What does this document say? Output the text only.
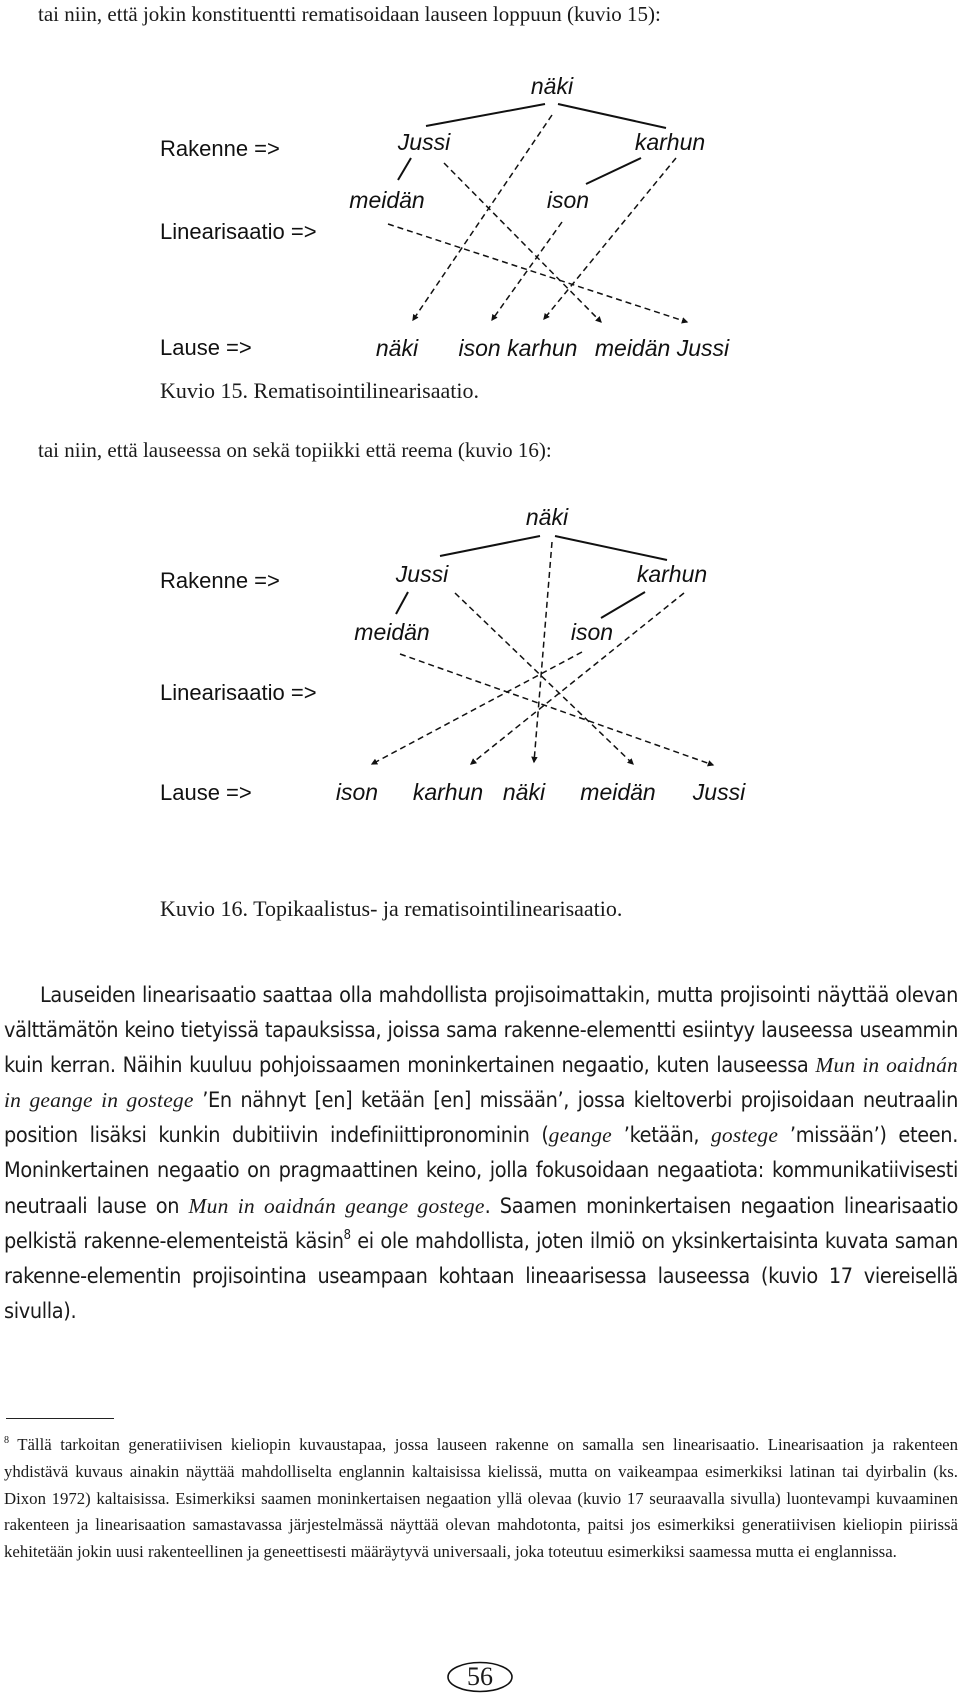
tai niin, että jokin konstituentti rematisoidaan lauseen loppuun (kuvio 15):
Rakenne =>
Linearisaatio =>
Lause =>
näki
Jussi	karhun
meidän	ison
näki ison karhun meidän Jussi
Kuvio 15. Rematisointilinearisaatio.
tai niin, että lauseessa on sekä topiikki että reema (kuvio 16):
Rakenne =>
Linearisaatio =>
Lause =>
näki
Jussi	karhun
meidän	ison
ison karhun näki meidän Jussi
Kuvio 16. Topikaalistus- ja rematisointilinearisaatio.
Lauseiden linearisaatio saattaa olla mahdollista projisoimattakin, mutta projisointi näyttää olevan välttämätön keino tietyissä tapauksissa, joissa sama rakenne-elementti esiintyy lauseessa useammin kuin kerran. Näihin kuuluu pohjoissaamen moninkertainen negaatio, kuten lauseessa Mun in oaidnán in geange in gostege ’En nähnyt [en] ketään [en] missään’, jossa kieltoverbi projisoidaan neutraalin position lisäksi kunkin dubitiivin indefiniittipronominin (geange ’ketään, gostege ’missään’) eteen. Moninkertainen negaatio on pragmaattinen keino, jolla fokusoidaan negaatiota: kommunikatiivisesti neutraali lause on Mun in oaidnán geange gostege. Saamen moninkertaisen negaation linearisaatio pelkistä rakenne-elementeistä käsin$^8$ ei ole mahdollista, joten ilmiö on yksinkertaisinta kuvata saman rakenne-elementin projisointina useampaan kohtaan lineaarisessa lauseessa (kuvio 17 viereisellä sivulla).
$^8$ Tällä tarkoitan generatiivisen kieliopin kuvaustapaa, jossa lauseen rakenne on samalla sen linearisaatio. Linearisaation ja rakenteen yhdistävä kuvaus ainakin näyttää mahdolliselta englannin kaltaisissa kielissä, mutta on vaikeampaa esimerkiksi latinan tai dyirbalin (ks. Dixon 1972) kaltaisissa. Esimerkiksi saamen moninkertaisen negaation yllä olevaa (kuvio 17 seuraavalla sivulla) luontevampi kuvaaminen rakenteen ja linearisaation samastavassa järjestelmässä näyttää olevan mahdotonta, paitsi jos esimerkiksi generatiivisen kieliopin piirissä kehitetään jokin uusi rakenteellinen ja geneettisesti määräytyvä universaali, joka toteutuu esimerkiksi saamessa mutta ei englannissa.
56
